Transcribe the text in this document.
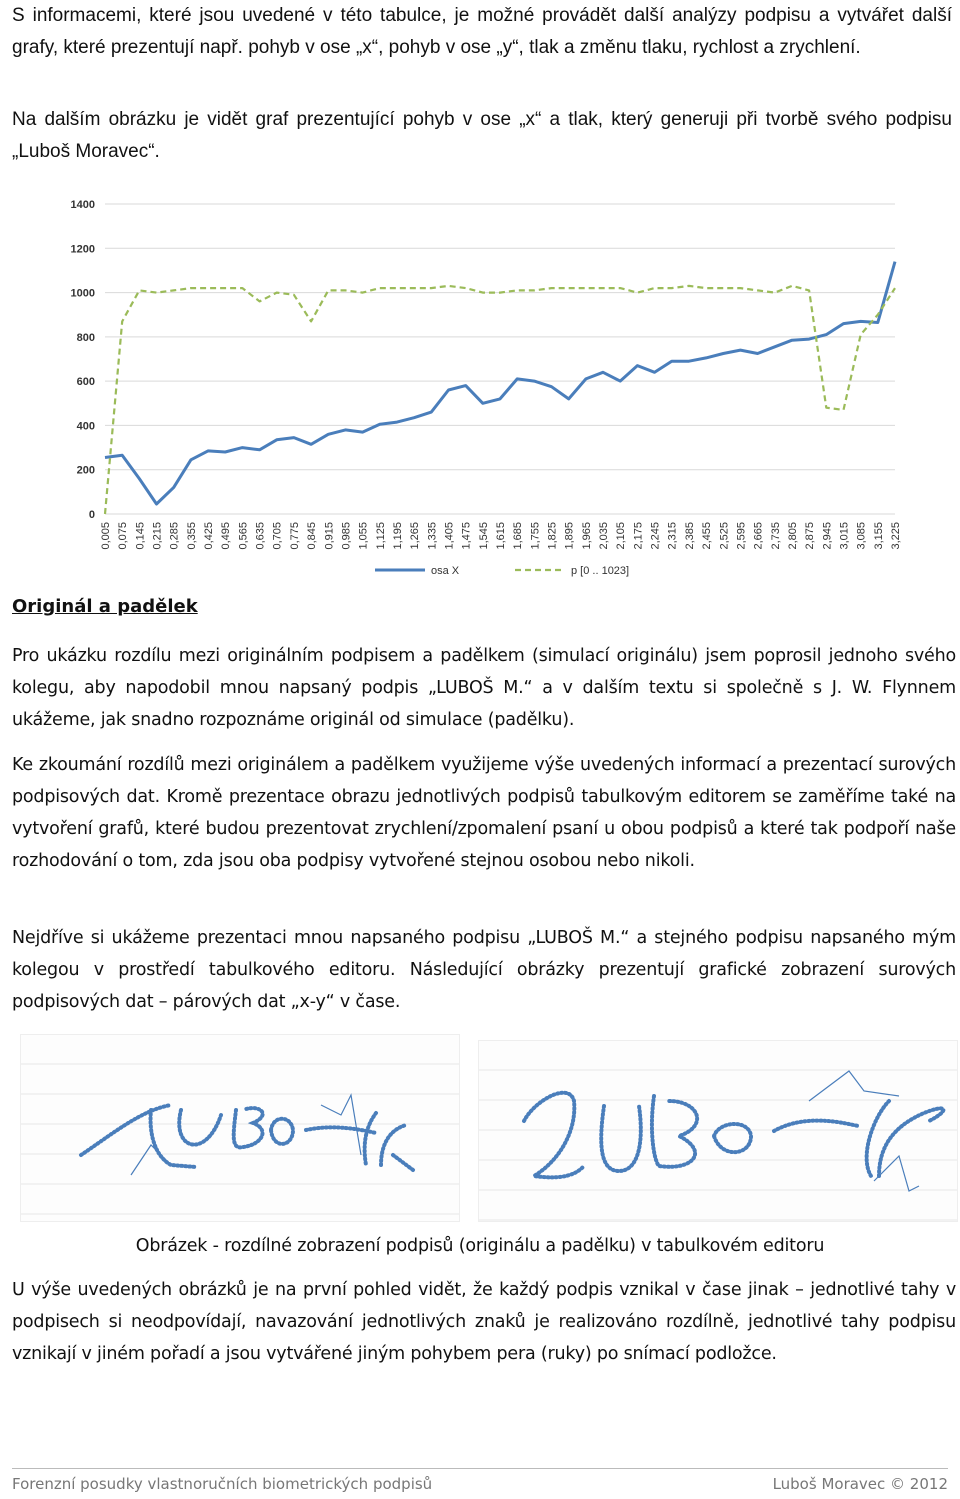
S informacemi, které jsou uvedené v této tabulce, je možné provádět další analýzy podpisu a vytvářet další grafy, které prezentují např. pohyb v ose „x“, pohyb v ose „y“, tlak a změnu tlaku, rychlost a zrychlení.

Na dalším obrázku je vidět graf prezentující pohyb v ose „x“ a tlak, který generuji při tvorbě svého podpisu „Luboš Moravec“.

0
200
400
600
800
1000
1200
1400
0,005 0,075 0,145 0,215 0,285 0,355 0,425 0,495 0,565 0,635 0,705 0,775 0,845 0,915 0,985 1,055 1,125 1,195 1,265 1,335 1,405 1,475 1,545 1,615 1,685 1,755 1,825 1,895 1,965 2,035 2,105 2,175 2,245 2,315 2,385 2,455 2,525 2,595 2,665 2,735 2,805 2,875 2,945 3,015 3,085 3,155 3,225
osa X	p [0 .. 1023]
Originál a padělek

Pro ukázku rozdílu mezi originálním podpisem a padělkem (simulací originálu) jsem poprosil jednoho svého kolegu, aby napodobil mnou napsaný podpis „LUBOŠ M.“ a v dalším textu si společně s J. W. Flynnem ukážeme, jak snadno rozpoznáme originál od simulace (padělku).

Ke zkoumání rozdílů mezi originálem a padělkem využijeme výše uvedených informací a prezentací surových podpisových dat. Kromě prezentace obrazu jednotlivých podpisů tabulkovým editorem se zaměříme také na vytvoření grafů, které budou prezentovat zrychlení/zpomalení psaní u obou podpisů a které tak podpoří naše rozhodování o tom, zda jsou oba podpisy vytvořené stejnou osobou nebo nikoli.

Nejdříve si ukážeme prezentaci mnou napsaného podpisu „LUBOŠ M.“ a stejného podpisu napsaného mým kolegou v prostředí tabulkového editoru. Následující obrázky prezentují grafické zobrazení surových podpisových dat – párových dat „x-y“ v čase.

Obrázek - rozdílné zobrazení podpisů (originálu a padělku) v tabulkovém editoru

U výše uvedených obrázků je na první pohled vidět, že každý podpis vznikal v čase jinak – jednotlivé tahy v podpisech si neodpovídají, navazování jednotlivých znaků je realizováno rozdílně, jednotlivé tahy podpisu vznikají v jiném pořadí a jsou vytvářené jiným pohybem pera (ruky) po snímací podložce.

Forenzní posudky vlastnoručních biometrických podpisů	Luboš Moravec © 2012
